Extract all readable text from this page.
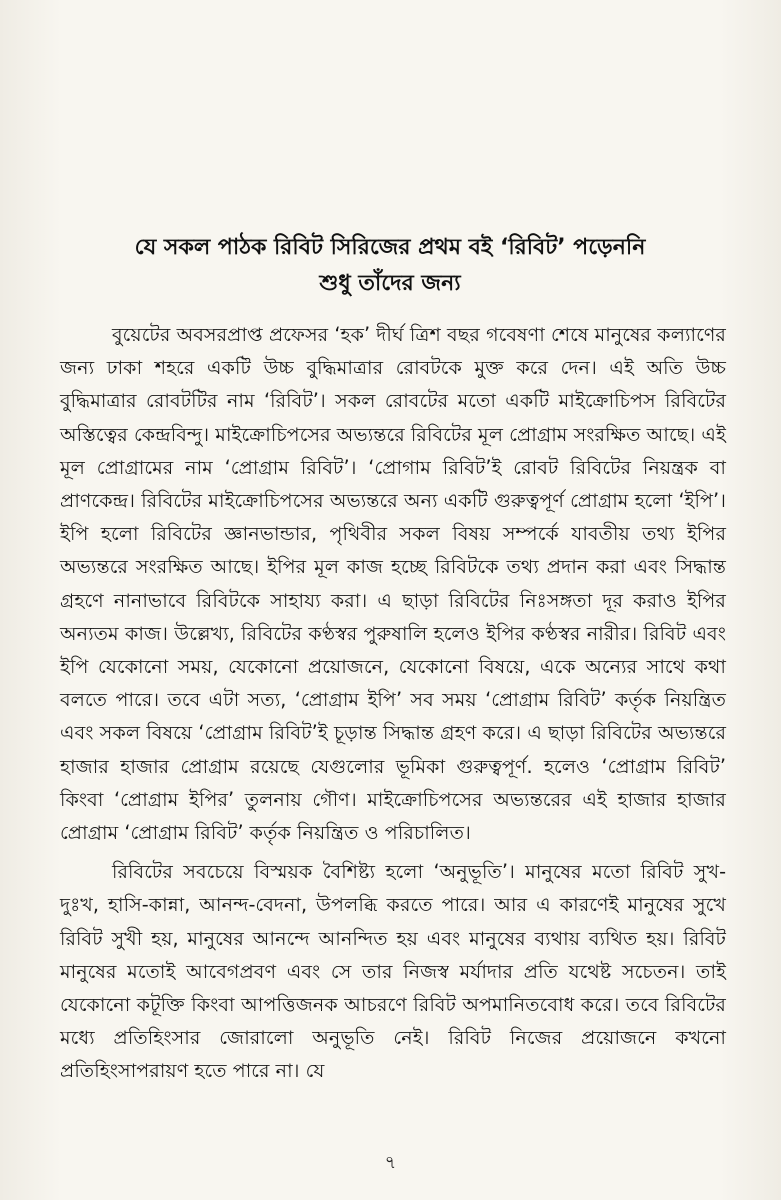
যে সকল পাঠক রিবিট সিরিজের প্রথম বই ‘রিবিট’ পড়েননি
শুধু তাঁদের জন্য

বুয়েটের অবসরপ্রাপ্ত প্রফেসর ‘হক’ দীর্ঘ ত্রিশ বছর গবেষণা শেষে মানুষের কল্যাণের জন্য ঢাকা শহরে একটি উচ্চ বুদ্ধিমাত্রার রোবটকে মুক্ত করে দেন। এই অতি উচ্চ বুদ্ধিমাত্রার রোবটটির নাম ‘রিবিট’। সকল রোবটের মতো একটি মাইক্রোচিপস রিবিটের অস্তিত্বের কেন্দ্রবিন্দু। মাইক্রোচিপসের অভ্যন্তরে রিবিটের মূল প্রোগ্রাম সংরক্ষিত আছে। এই মূল প্রোগ্রামের নাম ‘প্রোগ্রাম রিবিট’। ‘প্রোগাম রিবিট’ই রোবট রিবিটের নিয়ন্ত্রক বা প্রাণকেন্দ্র। রিবিটের মাইক্রোচিপসের অভ্যন্তরে অন্য একটি গুরুত্বপূর্ণ প্রোগ্রাম হলো ‘ইপি’। ইপি হলো রিবিটের জ্ঞানভান্ডার, পৃথিবীর সকল বিষয় সম্পর্কে যাবতীয় তথ্য ইপির অভ্যন্তরে সংরক্ষিত আছে। ইপির মূল কাজ হচ্ছে রিবিটকে তথ্য প্রদান করা এবং সিদ্ধান্ত গ্রহণে নানাভাবে রিবিটকে সাহায্য করা। এ ছাড়া রিবিটের নিঃসঙ্গতা দূর করাও ইপির অন্যতম কাজ। উল্লেখ্য, রিবিটের কণ্ঠস্বর পুরুষালি হলেও ইপির কণ্ঠস্বর নারীর। রিবিট এবং ইপি যেকোনো সময়, যেকোনো প্রয়োজনে, যেকোনো বিষয়ে, একে অন্যের সাথে কথা বলতে পারে। তবে এটা সত্য, ‘প্রোগ্রাম ইপি’ সব সময় ‘প্রোগ্রাম রিবিট’ কর্তৃক নিয়ন্ত্রিত এবং সকল বিষয়ে ‘প্রোগ্রাম রিবিট’ই চূড়ান্ত সিদ্ধান্ত গ্রহণ করে। এ ছাড়া রিবিটের অভ্যন্তরে হাজার হাজার প্রোগ্রাম রয়েছে যেগুলোর ভূমিকা গুরুত্বপূর্ণ. হলেও ‘প্রোগ্রাম রিবিট’ কিংবা ‘প্রোগ্রাম ইপির’ তুলনায় গৌণ। মাইক্রোচিপসের অভ্যন্তরের এই হাজার হাজার প্রোগ্রাম ‘প্রোগ্রাম রিবিট’ কর্তৃক নিয়ন্ত্রিত ও পরিচালিত।

রিবিটের সবচেয়ে বিস্ময়ক বৈশিষ্ট্য হলো ‘অনুভূতি’। মানুষের মতো রিবিট সুখ-দুঃখ, হাসি-কান্না, আনন্দ-বেদনা, উপলব্ধি করতে পারে। আর এ কারণেই মানুষের সুখে রিবিট সুখী হয়, মানুষের আনন্দে আনন্দিত হয় এবং মানুষের ব্যথায় ব্যথিত হয়। রিবিট মানুষের মতোই আবেগপ্রবণ এবং সে তার নিজস্ব মর্যাদার প্রতি যথেষ্ট সচেতন। তাই যেকোনো কটূক্তি কিংবা আপত্তিজনক আচরণে রিবিট অপমানিতবোধ করে। তবে রিবিটের মধ্যে প্রতিহিংসার জোরালো অনুভূতি নেই। রিবিট নিজের প্রয়োজনে কখনো প্রতিহিংসাপরায়ণ হতে পারে না। যে

৭
